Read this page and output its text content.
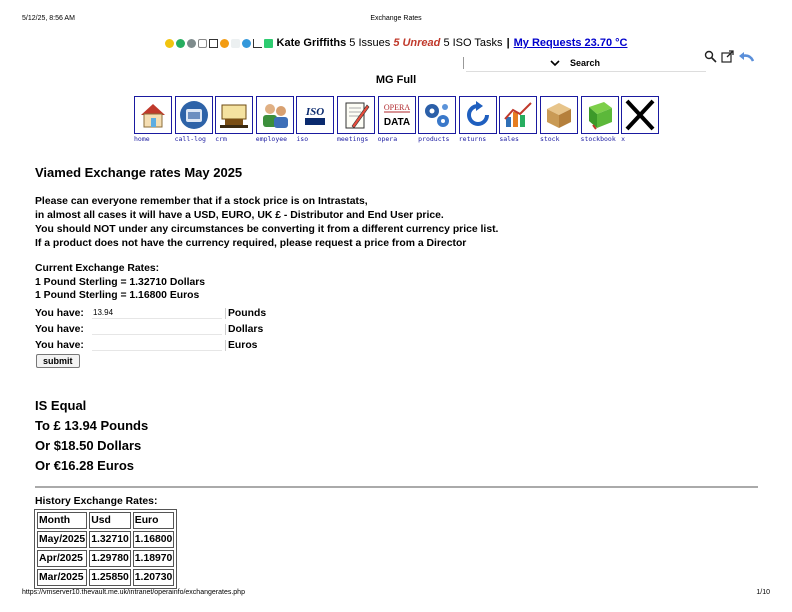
5/12/25, 8:56 AM	Exchange Rates
https://vmserver10.thevault.me.uk/intranet/operainfo/exchangerates.php	1/10
Kate Griffiths
5
Issues
5 Unread
5 ISO Tasks | My Requests 23.70 °C
Search
MG Full
home	call-log	crm	employee
ISO
iso	meetings
OPERA
DATA
opera	products	returns	sales	stock	stockbook x
Viamed Exchange rates May 2025
Please can everyone remember that if a stock price is on Intrastats,
in almost all cases it will have a USD, EURO, UK £ - Distributor and End User price.
You should NOT under any circumstances be converting it from a different currency price list.
If a product does not have the currency required, please request a price from a Director
Current Exchange Rates:
1 Pound Sterling = 1.32710 Dollars
1 Pound Sterling = 1.16800 Euros
You have:
13.94	Pounds
You have:	Dollars
You have:	Euros
submit
IS Equal
To £ 13.94 Pounds
Or $18.50 Dollars
Or €16.28 Euros
History Exchange Rates:
Month	Usd	Euro
May/2025	1.32710	1.16800
Apr/2025	1.29780	1.18970
Mar/2025	1.25850	1.20730
